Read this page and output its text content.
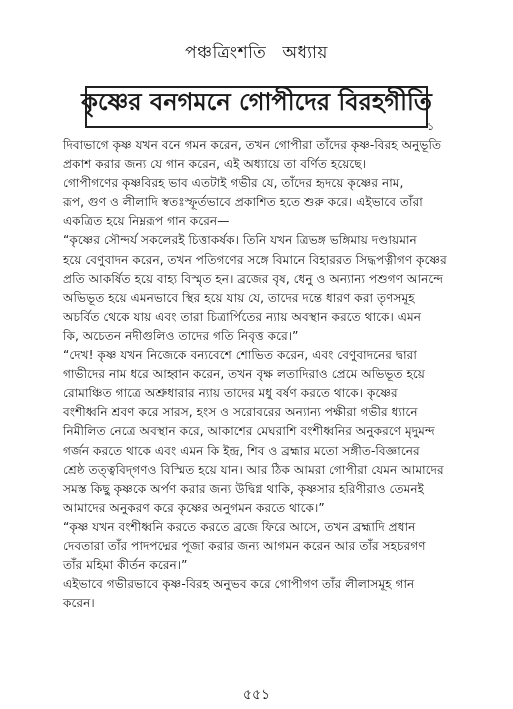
পঞ্চত্রিংশতি অধ্যায়
কৃষ্ণের বনগমনে গোপীদের বিরহগীতি
১

দিবাভাগে কৃষ্ণ যখন বনে গমন করেন, তখন গোপীরা তাঁদের কৃষ্ণ-বিরহ অনুভূতি
প্রকাশ করার জন্য যে গান করেন, এই অধ্যায়ে তা বর্ণিত হয়েছে।

গোপীগণের কৃষ্ণবিরহ ভাব এতটাই গভীর যে, তাঁদের হৃদয়ে কৃষ্ণের নাম,
রূপ, গুণ ও লীলাদি স্বতঃস্ফূর্তভাবে প্রকাশিত হতে শুরু করে। এইভাবে তাঁরা
একত্রিত হয়ে নিম্নরূপ গান করেন—

“কৃষ্ণের সৌন্দর্য সকলেরই চিত্তাকর্ষক। তিনি যখন ত্রিভঙ্গ ভঙ্গিমায় দণ্ডায়মান
হয়ে বেণুবাদন করেন, তখন পতিগণের সঙ্গে বিমানে বিহাররত সিদ্ধপত্নীগণ কৃষ্ণের
প্রতি আকর্ষিত হয়ে বাহ্য বিস্মৃত হন। ব্রজের বৃষ, ধেনু ও অন্যান্য পশুগণ আনন্দে
অভিভূত হয়ে এমনভাবে স্থির হয়ে যায় যে, তাদের দন্তে ধারণ করা তৃণসমূহ
অচর্বিত থেকে যায় এবং তারা চিত্রার্পিতের ন্যায় অবস্থান করতে থাকে। এমন
কি, অচেতন নদীগুলিও তাদের গতি নিবৃত্ত করে।”

“দেখ! কৃষ্ণ যখন নিজেকে বন্যবেশে শোভিত করেন, এবং বেণুবাদনের দ্বারা
গাভীদের নাম ধরে আহ্বান করেন, তখন বৃক্ষ লতাদিরাও প্রেমে অভিভূত হয়ে
রোমাঞ্চিত গাত্রে অশ্রুধারার ন্যায় তাদের মধু বর্ষণ করতে থাকে। কৃষ্ণের
বংশীধ্বনি শ্রবণ করে সারস, হংস ও সরোবরের অন্যান্য পক্ষীরা গভীর ধ্যানে
নিমীলিত নেত্রে অবস্থান করে, আকাশের মেঘরাশি বংশীধ্বনির অনুকরণে মৃদুমন্দ
গর্জন করতে থাকে এবং এমন কি ইন্দ্র, শিব ও ব্রহ্মার মতো সঙ্গীত-বিজ্ঞানের
শ্রেষ্ঠ তত্ত্ববিদ্‌গণও বিস্মিত হয়ে যান। আর ঠিক আমরা গোপীরা যেমন আমাদের
সমস্ত কিছু কৃষ্ণকে অর্পণ করার জন্য উদ্বিগ্ন থাকি, কৃষ্ণসার হরিণীরাও তেমনই
আমাদের অনুকরণ করে কৃষ্ণের অনুগমন করতে থাকে।”

“কৃষ্ণ যখন বংশীধ্বনি করতে করতে ব্রজে ফিরে আসে, তখন ব্রহ্মাদি প্রধান
দেবতারা তাঁর পাদপদ্মের পূজা করার জন্য আগমন করেন আর তাঁর সহচরগণ
তাঁর মহিমা কীর্তন করেন।”

এইভাবে গভীরভাবে কৃষ্ণ-বিরহ অনুভব করে গোপীগণ তাঁর লীলাসমূহ গান
করেন।

৫৫১
